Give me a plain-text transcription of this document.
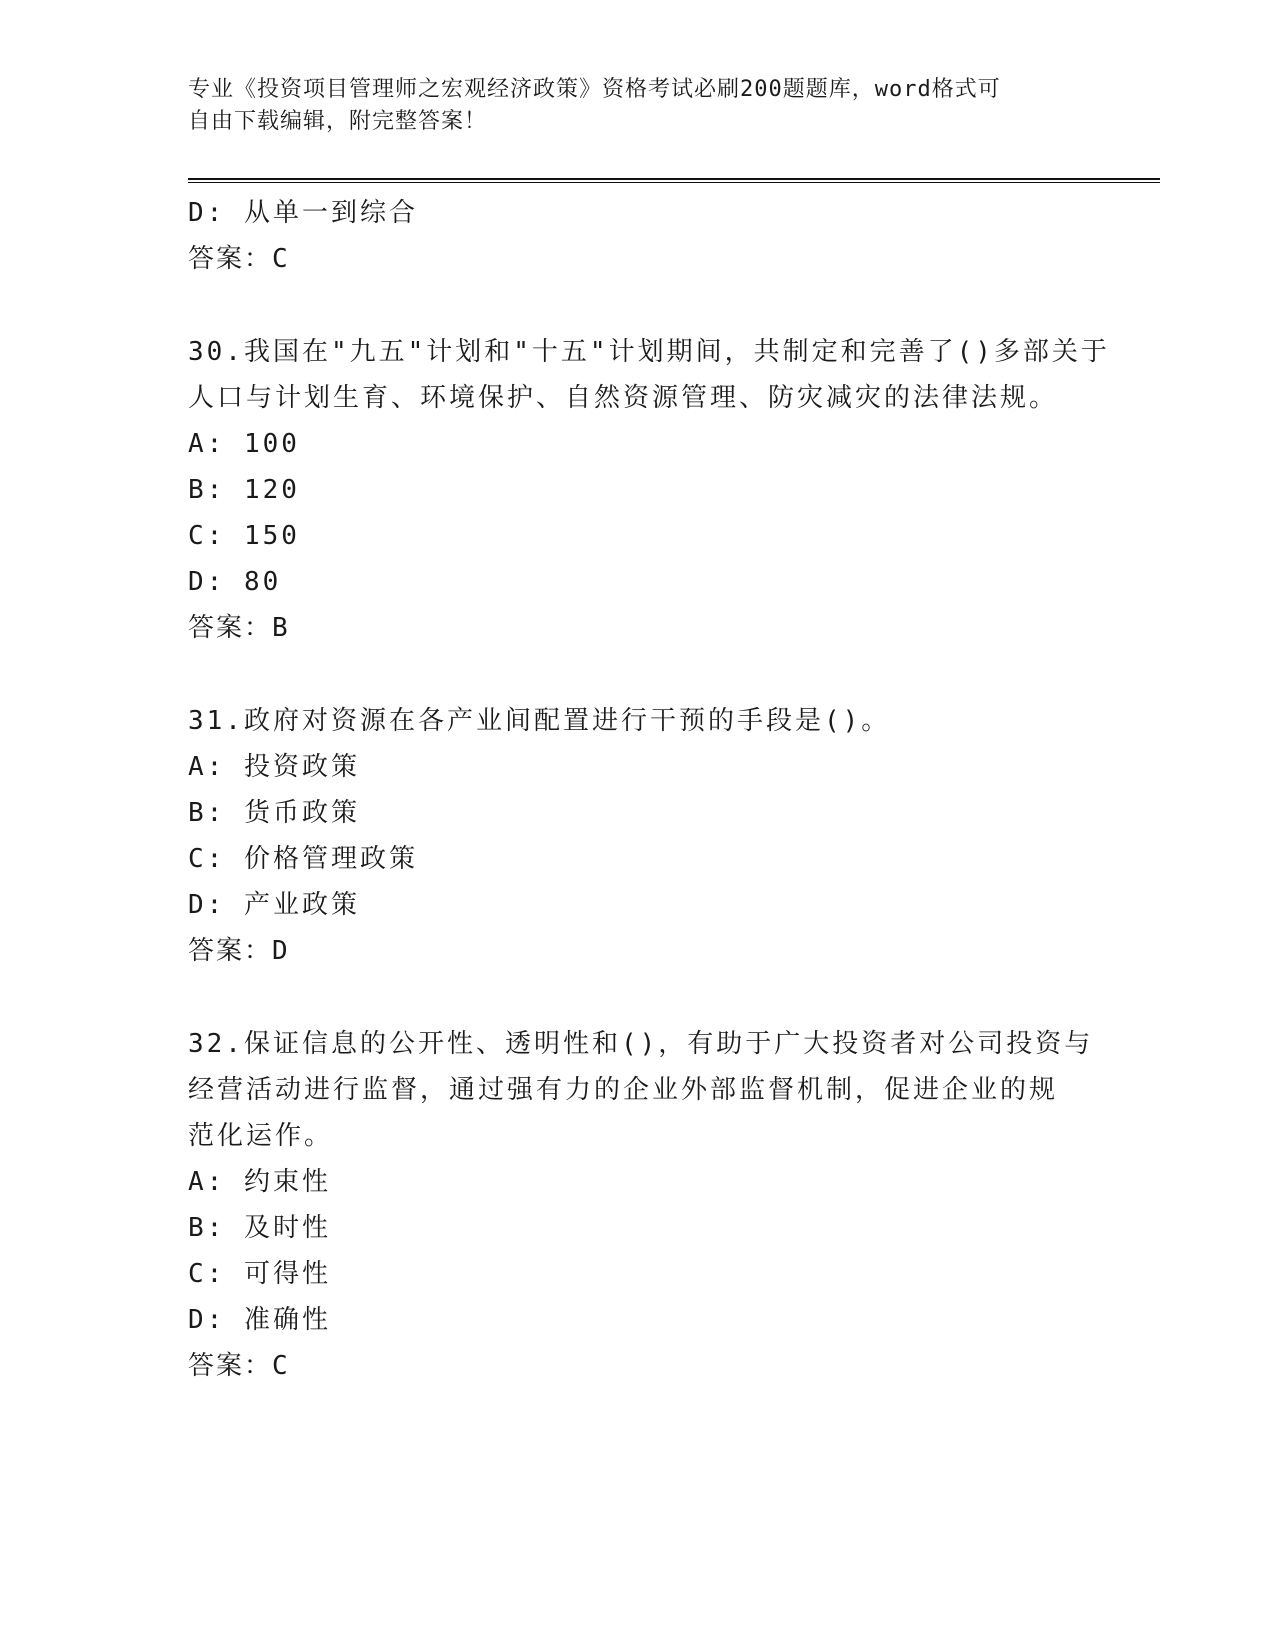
专业《投资项目管理师之宏观经济政策》资格考试必刷200题题库，word格式可
自由下载编辑，附完整答案！
D: 从单一到综合
答案：C
30.我国在"九五"计划和"十五"计划期间，共制定和完善了()多部关于
人口与计划生育、环境保护、自然资源管理、防灾减灾的法律法规。
A: 100
B: 120
C: 150
D: 80
答案：B
31.政府对资源在各产业间配置进行干预的手段是()。
A: 投资政策
B: 货币政策
C: 价格管理政策
D: 产业政策
答案：D
32.保证信息的公开性、透明性和()，有助于广大投资者对公司投资与
经营活动进行监督，通过强有力的企业外部监督机制，促进企业的规
范化运作。
A: 约束性
B: 及时性
C: 可得性
D: 准确性
答案：C
